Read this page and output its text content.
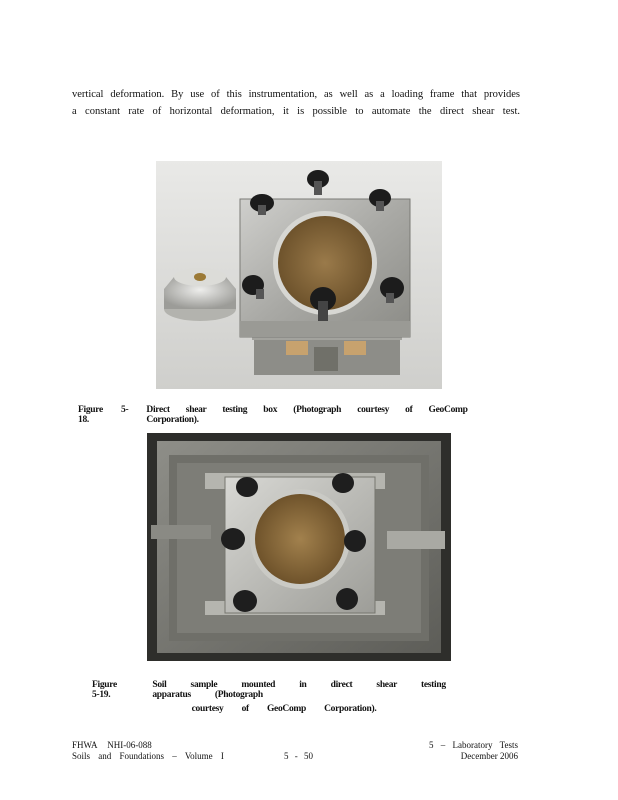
vertical deformation. By use of this instrumentation, as well as a loading frame that provides
a constant rate of horizontal deformation, it is possible to automate the direct shear test.
Figure 5-18.
Direct shear testing box (Photograph courtesy of GeoComp Corporation).
Figure 5-19.
Soil sample mounted in direct shear testing apparatus (Photograph
courtesy of GeoComp Corporation).
FHWA NHI-06-088
Soils and Foundations – Volume I	5 - 50
5 – Laboratory Tests
December 2006
